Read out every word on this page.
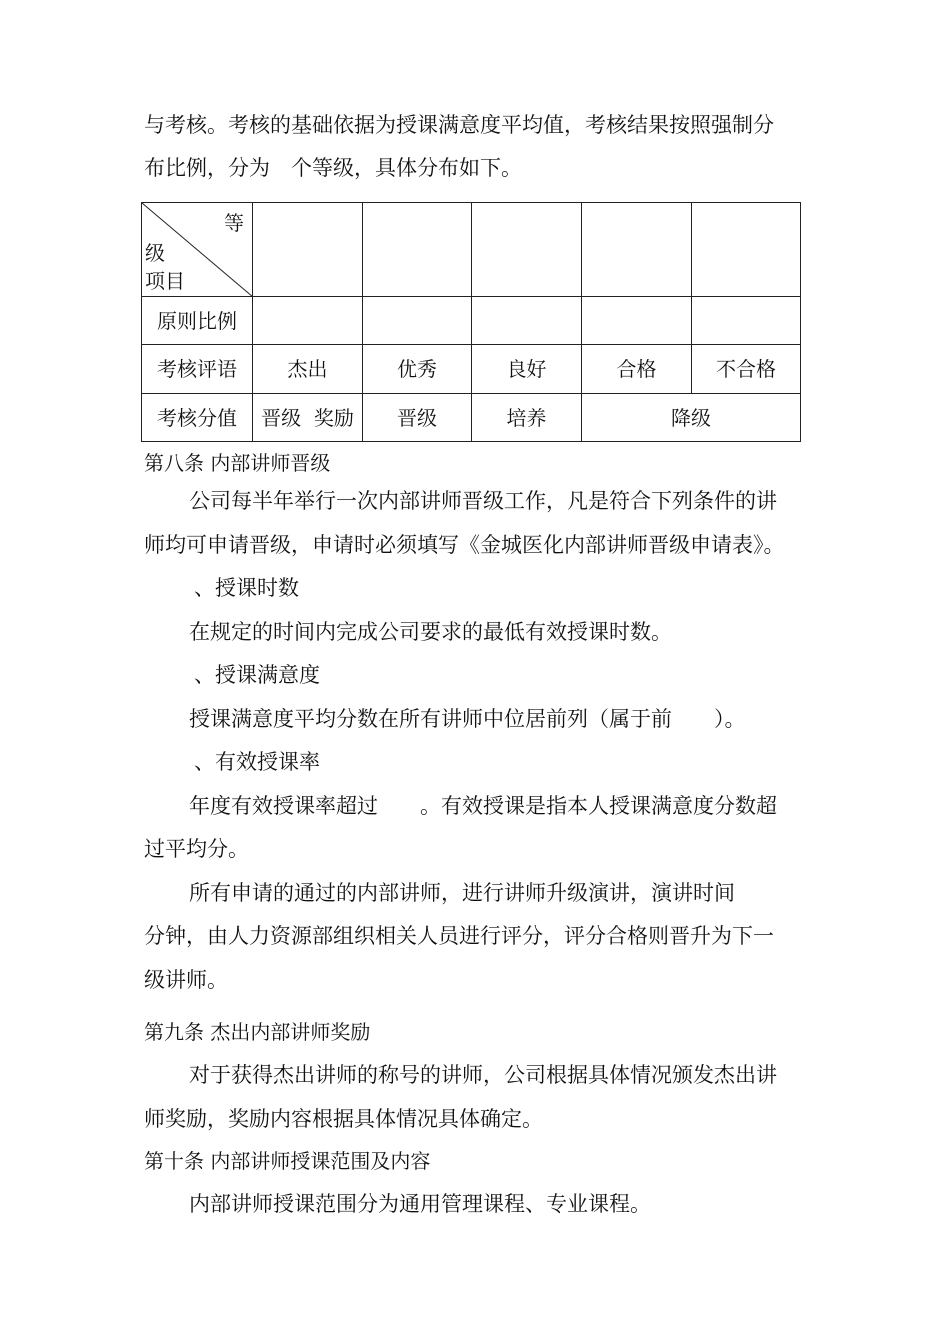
与考核。考核的基础依据为授课满意度平均值，考核结果按照强制分
布比例，分为　个等级，具体分布如下。
等
级
项目					

原则比例					

考核评语	杰出	优秀	良好	合格	不合格

考核分值	晋级  奖励	晋级	培养	降级	
第八条 内部讲师晋级
公司每半年举行一次内部讲师晋级工作，凡是符合下列条件的讲
师均可申请晋级，申请时必须填写《金城医化内部讲师晋级申请表》。
、授课时数
在规定的时间内完成公司要求的最低有效授课时数。
、授课满意度
授课满意度平均分数在所有讲师中位居前列（属于前　　）。
、有效授课率
年度有效授课率超过　　。有效授课是指本人授课满意度分数超
过平均分。
所有申请的通过的内部讲师，进行讲师升级演讲，演讲时间
分钟，由人力资源部组织相关人员进行评分，评分合格则晋升为下一
级讲师。
第九条 杰出内部讲师奖励
对于获得杰出讲师的称号的讲师，公司根据具体情况颁发杰出讲
师奖励，奖励内容根据具体情况具体确定。
第十条 内部讲师授课范围及内容
内部讲师授课范围分为通用管理课程、专业课程。
